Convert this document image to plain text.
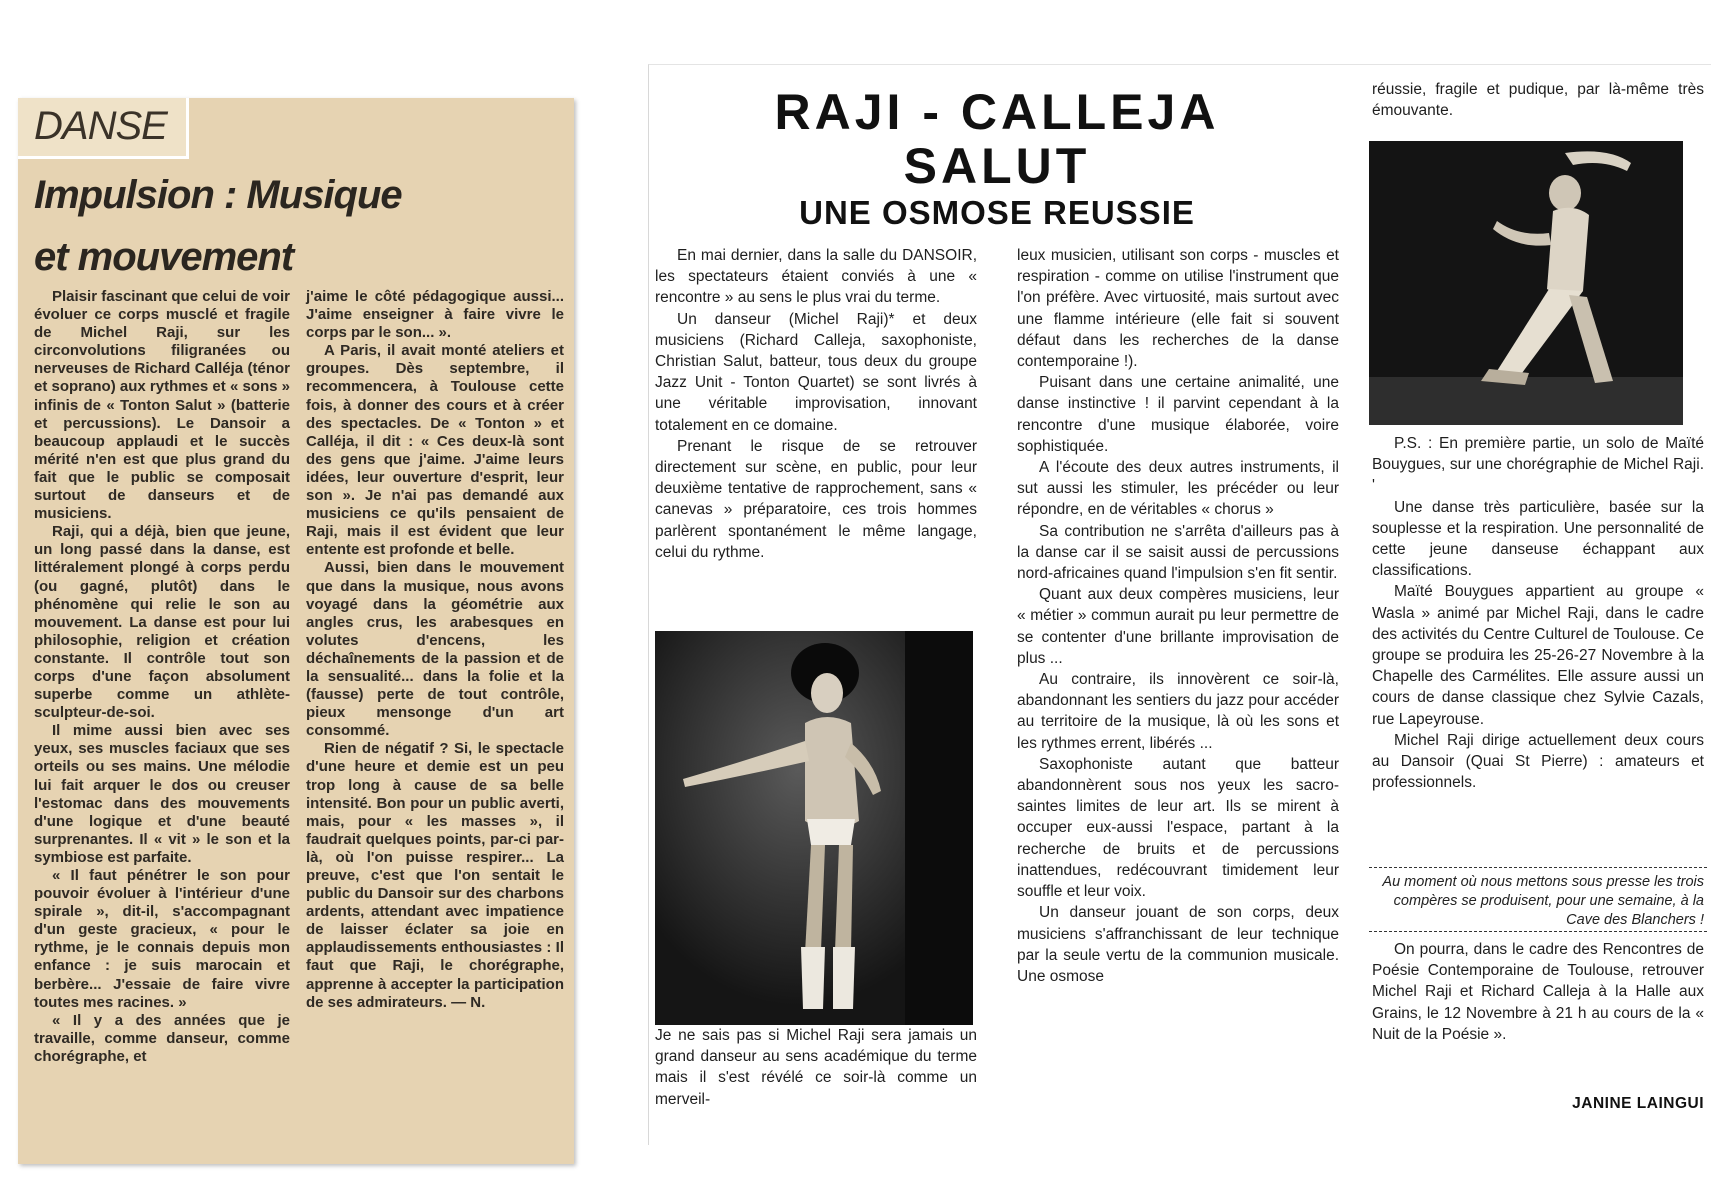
DANSE
Impulsion : Musique
et mouvement

Plaisir fascinant que celui de voir évoluer ce corps musclé et fragile de Michel Raji, sur les circonvolutions filigranées ou nerveuses de Richard Calléja (ténor et soprano) aux rythmes et « sons » infinis de « Tonton Salut » (batterie et percussions). Le Dansoir a beaucoup applaudi et le succès mérité n'en est que plus grand du fait que le public se composait surtout de danseurs et de musiciens.

Raji, qui a déjà, bien que jeune, un long passé dans la danse, est littéralement plongé à corps perdu (ou gagné, plutôt) dans le phénomène qui relie le son au mouvement. La danse est pour lui philosophie, religion et création constante. Il contrôle tout son corps d'une façon absolument superbe comme un athlète-sculpteur-de-soi.

Il mime aussi bien avec ses yeux, ses muscles faciaux que ses orteils ou ses mains. Une mélodie lui fait arquer le dos ou creuser l'estomac dans des mouvements d'une logique et d'une beauté surprenantes. Il « vit » le son et la symbiose est parfaite.

« Il faut pénétrer le son pour pouvoir évoluer à l'intérieur d'une spirale », dit-il, s'accompagnant d'un geste gracieux, « pour le rythme, je le connais depuis mon enfance : je suis marocain et berbère... J'essaie de faire vivre toutes mes racines. »

« Il y a des années que je travaille, comme danseur, comme chorégraphe, et

j'aime le côté pédagogique aussi... J'aime enseigner à faire vivre le corps par le son... ».

A Paris, il avait monté ateliers et groupes. Dès septembre, il recommencera, à Toulouse cette fois, à donner des cours et à créer des spectacles. De « Tonton » et Calléja, il dit : « Ces deux-là sont des gens que j'aime. J'aime leurs idées, leur ouverture d'esprit, leur son ». Je n'ai pas demandé aux musiciens ce qu'ils pensaient de Raji, mais il est évident que leur entente est profonde et belle.

Aussi, bien dans le mouvement que dans la musique, nous avons voyagé dans la géométrie aux angles crus, les arabesques en volutes d'encens, les déchaînements de la passion et de la sensualité... dans la folie et la (fausse) perte de tout contrôle, pieux mensonge d'un art consommé.

Rien de négatif ? Si, le spectacle d'une heure et demie est un peu trop long à cause de sa belle intensité. Bon pour un public averti, mais, pour « les masses », il faudrait quelques points, par-ci par-là, où l'on puisse respirer... La preuve, c'est que l'on sentait le public du Dansoir sur des charbons ardents, attendant avec impatience de laisser éclater sa joie en applaudissements enthousiastes : Il faut que Raji, le chorégraphe, apprenne à accepter la participation de ses admirateurs. — N.

RAJI - CALLEJA
SALUT
UNE OSMOSE REUSSIE

En mai dernier, dans la salle du DANSOIR, les spectateurs étaient conviés à une « rencontre » au sens le plus vrai du terme.

Un danseur (Michel Raji)* et deux musiciens (Richard Calleja, saxophoniste, Christian Salut, batteur, tous deux du groupe Jazz Unit - Tonton Quartet) se sont livrés à une véritable improvisation, innovant totalement en ce domaine.

Prenant le risque de se retrouver directement sur scène, en public, pour leur deuxième tentative de rapprochement, sans « canevas » préparatoire, ces trois hommes parlèrent spontanément le même langage, celui du rythme.

Je ne sais pas si Michel Raji sera jamais un grand danseur au sens académique du terme mais il s'est révélé ce soir-là comme un merveil-

leux musicien, utilisant son corps - muscles et respiration - comme on utilise l'instrument que l'on préfère. Avec virtuosité, mais surtout avec une flamme intérieure (elle fait si souvent défaut dans les recherches de la danse contemporaine !).

Puisant dans une certaine animalité, une danse instinctive ! il parvint cependant à la rencontre d'une musique élaborée, voire sophistiquée.

A l'écoute des deux autres instruments, il sut aussi les stimuler, les précéder ou leur répondre, en de véritables « chorus »

Sa contribution ne s'arrêta d'ailleurs pas à la danse car il se saisit aussi de percussions nord-africaines quand l'impulsion s'en fit sentir.

Quant aux deux compères musiciens, leur « métier » commun aurait pu leur permettre de se contenter d'une brillante improvisation de plus ...

Au contraire, ils innovèrent ce soir-là, abandonnant les sentiers du jazz pour accéder au territoire de la musique, là où les sons et les rythmes errent, libérés ...

Saxophoniste autant que batteur abandonnèrent sous nos yeux les sacro-saintes limites de leur art. Ils se mirent à occuper eux-aussi l'espace, partant à la recherche de bruits et de percussions inattendues, redécouvrant timidement leur souffle et leur voix.

Un danseur jouant de son corps, deux musiciens s'affranchissant de leur technique par la seule vertu de la communion musicale. Une osmose

réussie, fragile et pudique, par là-même très émouvante.

P.S. : En première partie, un solo de Maïté Bouygues, sur une chorégraphie de Michel Raji. '

Une danse très particulière, basée sur la souplesse et la respiration. Une personnalité de cette jeune danseuse échappant aux classifications.

Maïté Bouygues appartient au groupe « Wasla » animé par Michel Raji, dans le cadre des activités du Centre Culturel de Toulouse. Ce groupe se produira les 25-26-27 Novembre à la Chapelle des Carmélites. Elle assure aussi un cours de danse classique chez Sylvie Cazals, rue Lapeyrouse.

Michel Raji dirige actuellement deux cours au Dansoir (Quai St Pierre) : amateurs et professionnels.

Au moment où nous mettons sous presse les trois compères se produisent, pour une semaine, à la Cave des Blanchers !

On pourra, dans le cadre des Rencontres de Poésie Contemporaine de Toulouse, retrouver Michel Raji et Richard Calleja à la Halle aux Grains, le 12 Novembre à 21 h au cours de la « Nuit de la Poésie ».

JANINE LAINGUI
